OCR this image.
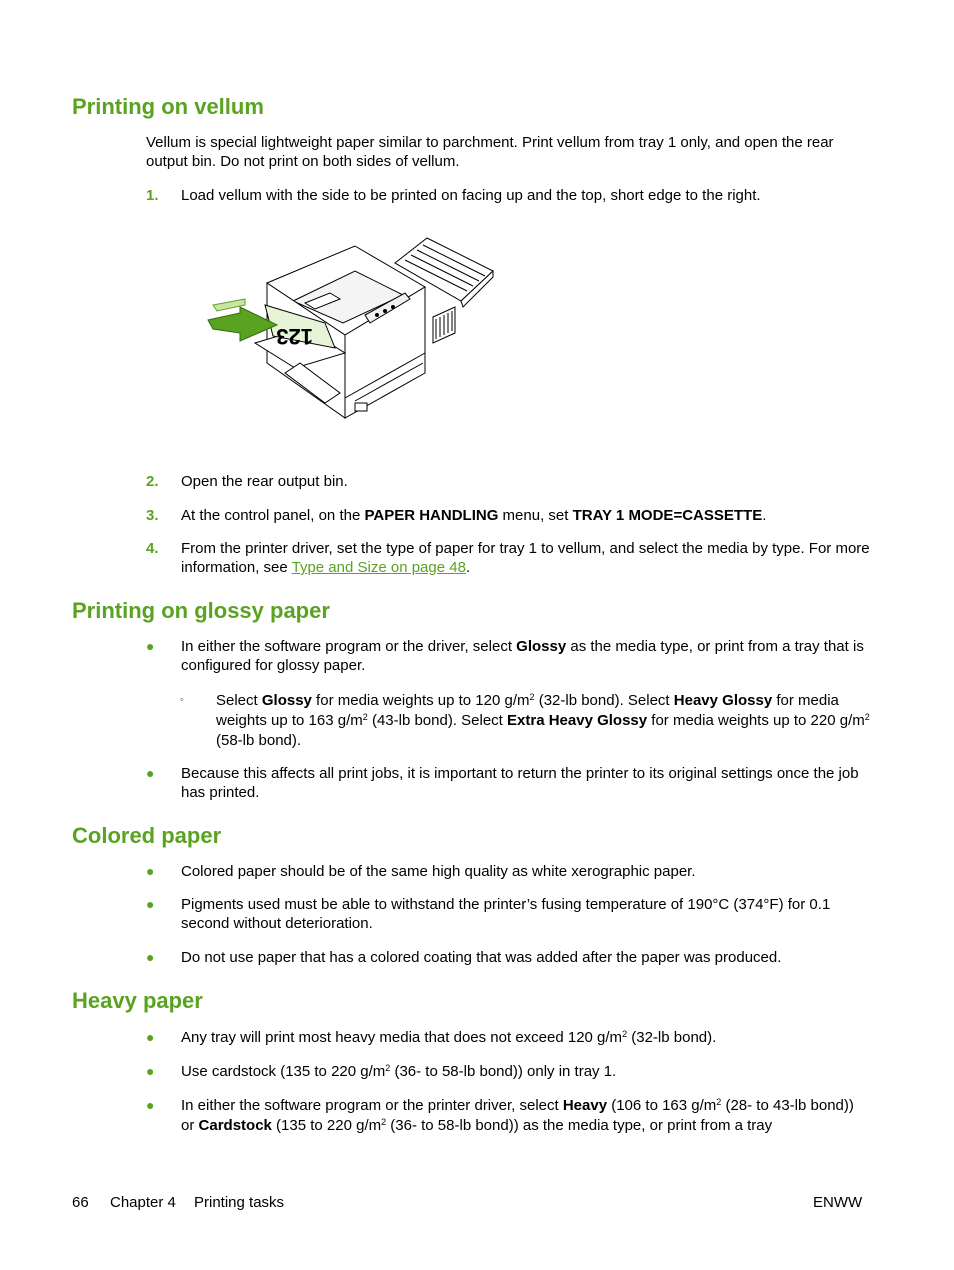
Printing on vellum

Vellum is special lightweight paper similar to parchment. Print vellum from tray 1 only, and open the rear output bin. Do not print on both sides of vellum.

1.	Load vellum with the side to be printed on facing up and the top, short edge to the right.

123
2.	Open the rear output bin.

3.	At the control panel, on the PAPER HANDLING menu, set TRAY 1 MODE=CASSETTE.

4.	From the printer driver, set the type of paper for tray 1 to vellum, and select the media by type. For more information, see Type and Size on page 48.

Printing on glossy paper
●	In either the software program or the driver, select Glossy as the media type, or print from a tray that is configured for glossy paper.

◦	Select Glossy for media weights up to 120 $g/m^2$ (32-lb bond). Select Heavy Glossy for media weights up to 163 $g/m^2$ (43-lb bond). Select Extra Heavy Glossy for media weights up to 220 $g/m^2$ (58-lb bond).

●	Because this affects all print jobs, it is important to return the printer to its original settings once the job has printed.

Colored paper
●	Colored paper should be of the same high quality as white xerographic paper.

●	Pigments used must be able to withstand the printer’s fusing temperature of 190°C (374°F) for 0.1 second without deterioration.

●	Do not use paper that has a colored coating that was added after the paper was produced.

Heavy paper
●	Any tray will print most heavy media that does not exceed 120 $g/m^2$ (32-lb bond).

●	Use cardstock (135 to 220 $g/m^2$ (36- to 58-lb bond)) only in tray 1.

●	In either the software program or the printer driver, select Heavy (106 to 163 $g/m^2$ (28- to 43-lb bond)) or Cardstock (135 to 220 $g/m^2$ (36- to 58-lb bond)) as the media type, or print from a tray

66 Chapter 4 Printing tasks	ENWW
